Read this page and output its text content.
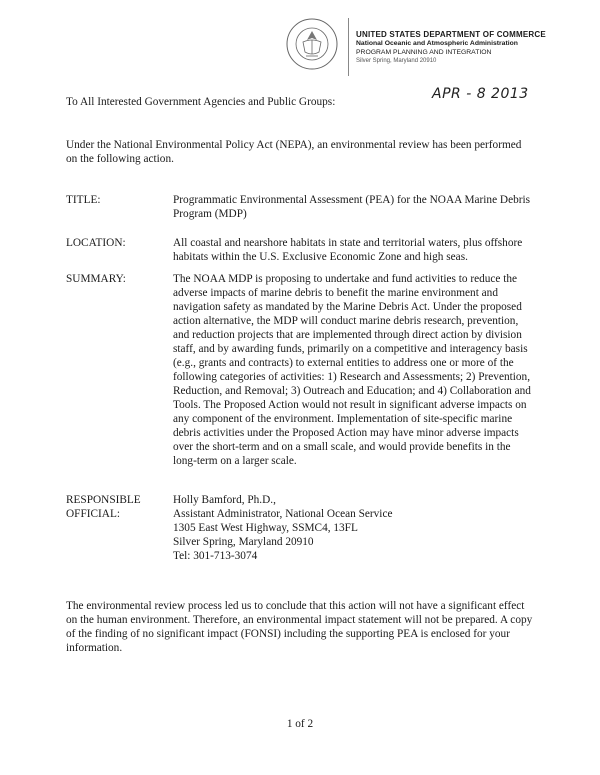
UNITED STATES DEPARTMENT OF COMMERCE
National Oceanic and Atmospheric Administration
PROGRAM PLANNING AND INTEGRATION
Silver Spring, Maryland 20910
APR - 8 2013
To All Interested Government Agencies and Public Groups:
Under the National Environmental Policy Act (NEPA), an environmental review has been performed on the following action.
TITLE:	Programmatic Environmental Assessment (PEA) for the NOAA Marine Debris Program (MDP)
LOCATION:	All coastal and nearshore habitats in state and territorial waters, plus offshore habitats within the U.S. Exclusive Economic Zone and high seas.
SUMMARY:	The NOAA MDP is proposing to undertake and fund activities to reduce the adverse impacts of marine debris to benefit the marine environment and navigation safety as mandated by the Marine Debris Act. Under the proposed action alternative, the MDP will conduct marine debris research, prevention, and reduction projects that are implemented through direct action by division staff, and by awarding funds, primarily on a competitive and interagency basis (e.g., grants and contracts) to external entities to address one or more of the following categories of activities: 1) Research and Assessments; 2) Prevention, Reduction, and Removal; 3) Outreach and Education; and 4) Collaboration and Tools. The Proposed Action would not result in significant adverse impacts on any component of the environment. Implementation of site-specific marine debris activities under the Proposed Action may have minor adverse impacts over the short-term and on a small scale, and would provide benefits in the long-term on a larger scale.
RESPONSIBLE
OFFICIAL:
Holly Bamford, Ph.D.,
Assistant Administrator, National Ocean Service
1305 East West Highway, SSMC4, 13FL
Silver Spring, Maryland 20910
Tel: 301-713-3074
The environmental review process led us to conclude that this action will not have a significant effect on the human environment. Therefore, an environmental impact statement will not be prepared. A copy of the finding of no significant impact (FONSI) including the supporting PEA is enclosed for your information.
1 of 2
